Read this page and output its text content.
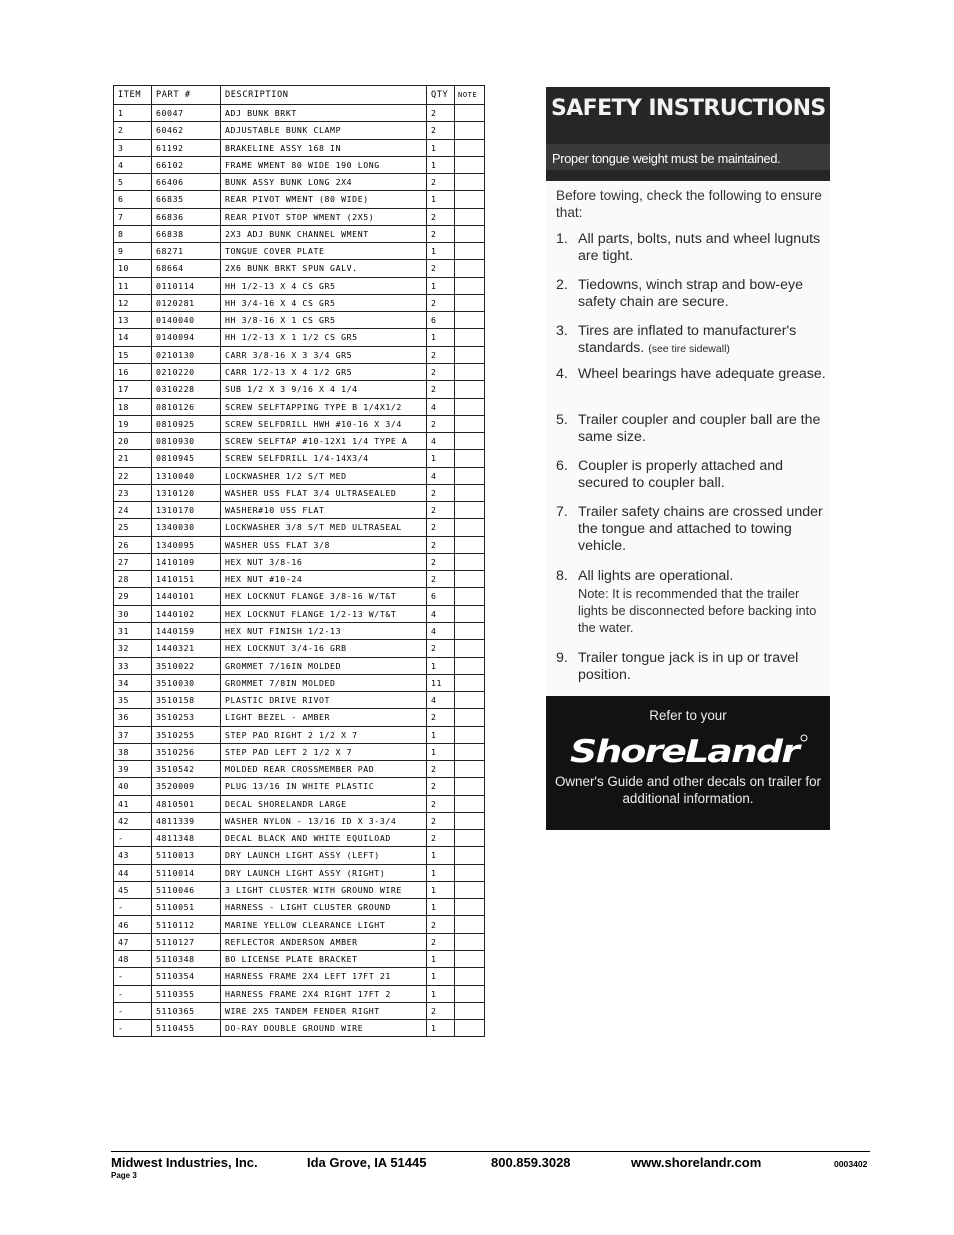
ITEM	PART #	DESCRIPTION	QTY	NOTE
1	60047	ADJ BUNK BRKT	2	
2	60462	ADJUSTABLE BUNK CLAMP	2	
3	61192	BRAKELINE ASSY 168 IN	1	
4	66102	FRAME WMENT 80 WIDE 190 LONG	1	
5	66406	BUNK ASSY BUNK LONG 2X4	2	
6	66835	REAR PIVOT WMENT (80 WIDE)	1	
7	66836	REAR PIVOT STOP WMENT (2X5)	2	
8	66838	2X3 ADJ BUNK CHANNEL WMENT	2	
9	68271	TONGUE COVER PLATE	1	
10	68664	2X6 BUNK BRKT SPUN GALV.	2	
11	0110114	HH 1/2-13 X 4 CS GR5	1	
12	0120281	HH 3/4-16 X 4 CS GR5	2	
13	0140040	HH 3/8-16 X 1 CS GR5	6	
14	0140094	HH 1/2-13 X 1 1/2 CS GR5	1	
15	0210130	CARR 3/8-16 X 3 3/4 GR5	2	
16	0210220	CARR 1/2-13 X 4 1/2 GR5	2	
17	0310228	SUB 1/2 X 3 9/16 X 4 1/4	2	
18	0810126	SCREW SELFTAPPING TYPE B 1/4X1/2	4	
19	0810925	SCREW SELFDRILL HWH #10-16 X 3/4	2	
20	0810930	SCREW SELFTAP #10-12X1 1/4 TYPE A	4	
21	0810945	SCREW SELFDRILL 1/4-14X3/4	1	
22	1310040	LOCKWASHER 1/2 S/T MED	4	
23	1310120	WASHER USS FLAT 3/4 ULTRASEALED	2	
24	1310170	WASHER#10 USS FLAT	2	
25	1340030	LOCKWASHER 3/8 S/T MED ULTRASEAL	2	
26	1340095	WASHER USS FLAT 3/8	2	
27	1410109	HEX NUT 3/8-16	2	
28	1410151	HEX NUT #10-24	2	
29	1440101	HEX LOCKNUT FLANGE 3/8-16 W/T&T	6	
30	1440102	HEX LOCKNUT FLANGE 1/2-13 W/T&T	4	
31	1440159	HEX NUT FINISH 1/2-13	4	
32	1440321	HEX LOCKNUT 3/4-16 GRB	2	
33	3510022	GROMMET 7/16IN MOLDED	1	
34	3510030	GROMMET 7/8IN MOLDED	11	
35	3510158	PLASTIC DRIVE RIVOT	4	
36	3510253	LIGHT BEZEL - AMBER	2	
37	3510255	STEP PAD RIGHT 2 1/2 X 7	1	
38	3510256	STEP PAD LEFT 2 1/2 X 7	1	
39	3510542	MOLDED REAR CROSSMEMBER PAD	2	
40	3520009	PLUG 13/16 IN WHITE PLASTIC	2	
41	4810501	DECAL SHORELANDR LARGE	2	
42	4811339	WASHER NYLON - 13/16 ID X 3-3/4	2	
-	4811348	DECAL BLACK AND WHITE EQUILOAD	2	
43	5110013	DRY LAUNCH LIGHT ASSY (LEFT)	1	
44	5110014	DRY LAUNCH LIGHT ASSY (RIGHT)	1	
45	5110046	3 LIGHT CLUSTER WITH GROUND WIRE	1	
-	5110051	HARNESS - LIGHT CLUSTER GROUND	1	
46	5110112	MARINE YELLOW CLEARANCE LIGHT	2	
47	5110127	REFLECTOR ANDERSON AMBER	2	
48	5110348	BO LICENSE PLATE BRACKET	1	
-	5110354	HARNESS FRAME 2X4 LEFT 17FT 21	1	
-	5110355	HARNESS FRAME 2X4 RIGHT 17FT 2	1	
-	5110365	WIRE 2X5 TANDEM FENDER RIGHT	2	
-	5110455	DO-RAY DOUBLE GROUND WIRE	1	
SAFETY INSTRUCTIONS
Proper tongue weight must be maintained.
Before towing, check the following to ensure that:
1. All parts, bolts, nuts and wheel lugnuts are tight.
2. Tiedowns, winch strap and bow-eye safety chain are secure.
3. Tires are inflated to manufacturer's standards. (see tire sidewall)
4. Wheel bearings have adequate grease.
5. Trailer coupler and coupler ball are the same size.
6. Coupler is properly attached and secured to coupler ball.
7. Trailer safety chains are crossed under the tongue and attached to towing vehicle.
8. All lights are operational.
Note: It is recommended that the trailer lights be disconnected before backing into the water.
9. Trailer tongue jack is in up or travel position.
Refer to your
ShoreLandr
Owner's Guide and other decals on trailer for additional information.
Midwest Industries, Inc.	Ida Grove, IA 51445	800.859.3028	www.shorelandr.com
Page 3
0003402
